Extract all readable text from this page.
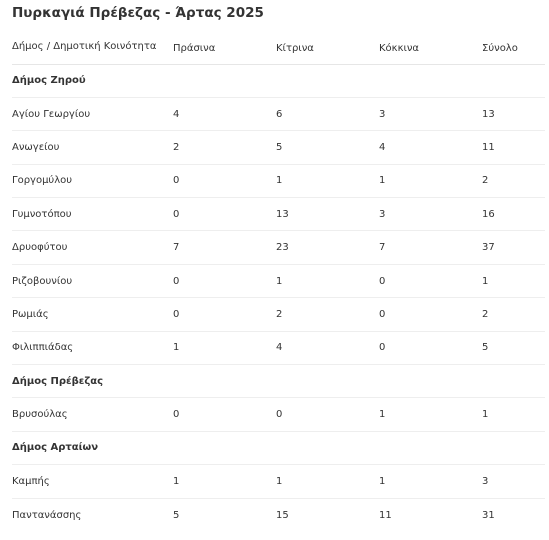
Πυρκαγιά Πρέβεζας - Άρτας 2025
Δήμος / Δημοτική Κοινότητα	Πράσινα	Κίτρινα	Κόκκινα	Σύνολο
Δήμος Ζηρού				
Αγίου Γεωργίου	4	6	3	13
Ανωγείου	2	5	4	11
Γοργομύλου	0	1	1	2
Γυμνοτόπου	0	13	3	16
Δρυοφύτου	7	23	7	37
Ριζοβουνίου	0	1	0	1
Ρωμιάς	0	2	0	2
Φιλιππιάδας	1	4	0	5
Δήμος Πρέβεζας				
Βρυσούλας	0	0	1	1
Δήμος Αρταίων				
Καμπής	1	1	1	3
Παντανάσσης	5	15	11	31
